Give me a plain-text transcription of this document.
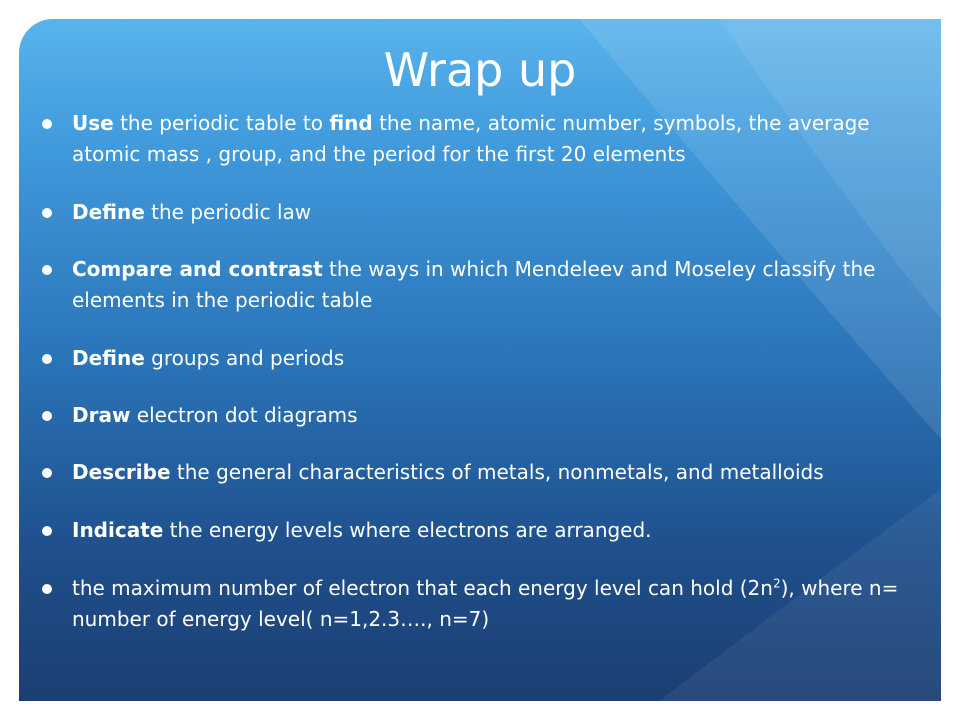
Wrap up
Use the periodic table to find the name, atomic number, symbols, the average atomic mass , group, and the period for the first 20 elements
Define the periodic law
Compare and contrast the ways in which Mendeleev and Moseley classify the elements in the periodic table
Define groups and periods
Draw electron dot diagrams
Describe the general characteristics of metals, nonmetals, and metalloids
Indicate the energy levels where electrons are arranged.
the maximum number of electron that each energy level can hold $(2n^2)$, where n= number of energy level( n=1,2.3…., n=7)
